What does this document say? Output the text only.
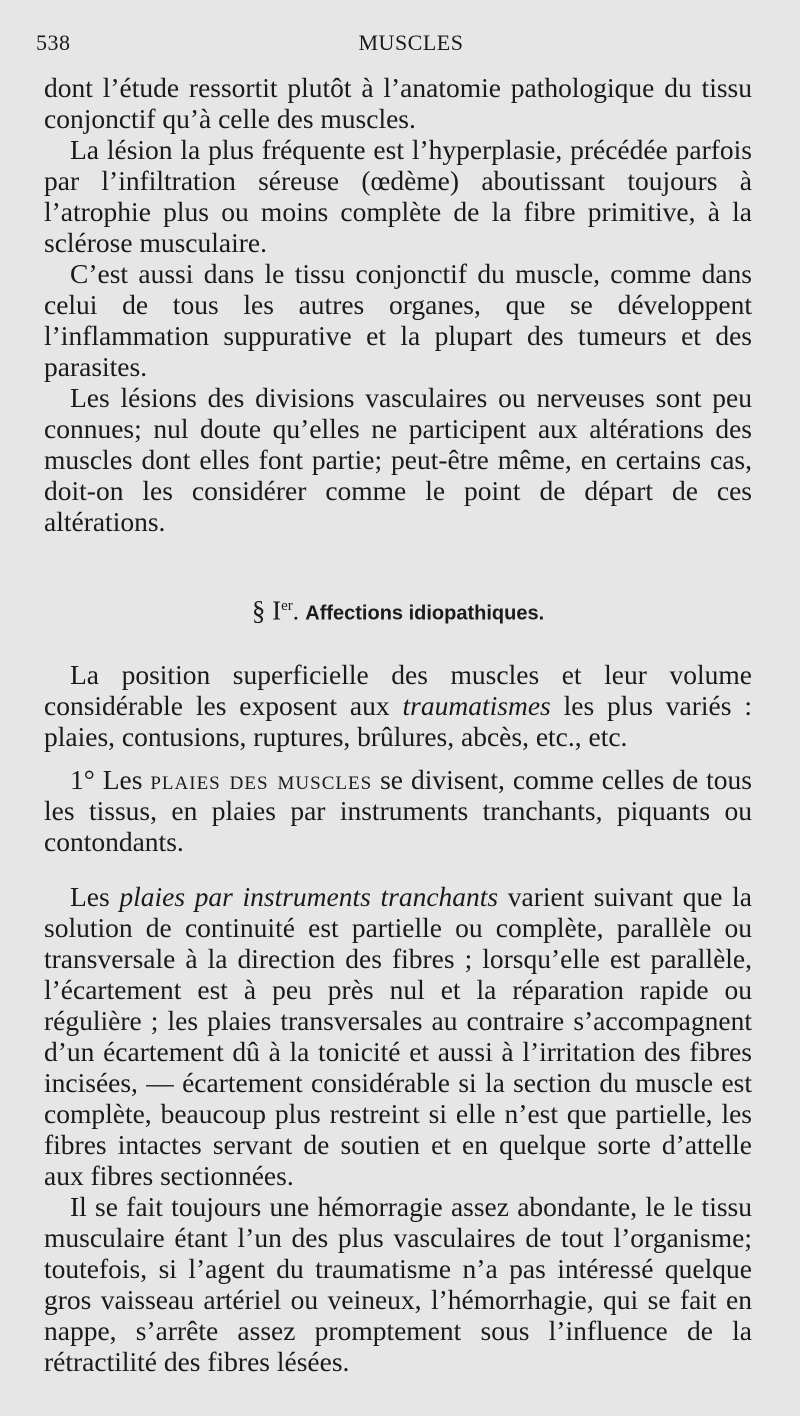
538	MUSCLES

dont l’étude ressortit plutôt à l’anatomie pathologique du tissu conjonctif qu’à celle des muscles.

La lésion la plus fréquente est l’hyperplasie, précédée parfois par l’infiltration séreuse (œdème) aboutissant toujours à l’atrophie plus ou moins complète de la fibre primitive, à la sclérose musculaire.

C’est aussi dans le tissu conjonctif du muscle, comme dans celui de tous les autres organes, que se développent l’inflammation suppurative et la plupart des tumeurs et des parasites.

Les lésions des divisions vasculaires ou nerveuses sont peu connues; nul doute qu’elles ne participent aux altérations des muscles dont elles font partie; peut-être même, en certains cas, doit-on les considérer comme le point de départ de ces altérations.

§ Ier. Affections idiopathiques.

La position superficielle des muscles et leur volume considérable les exposent aux traumatismes les plus variés : plaies, contusions, ruptures, brûlures, abcès, etc., etc.

1° Les plaies des muscles se divisent, comme celles de tous les tissus, en plaies par instruments tranchants, piquants ou contondants.

Les plaies par instruments tranchants varient suivant que la solution de continuité est partielle ou complète, parallèle ou transversale à la direction des fibres ; lorsqu’elle est parallèle, l’écartement est à peu près nul et la réparation rapide ou régulière ; les plaies transversales au contraire s’accompagnent d’un écartement dû à la tonicité et aussi à l’irritation des fibres incisées, — écartement considérable si la section du muscle est complète, beaucoup plus restreint si elle n’est que partielle, les fibres intactes servant de soutien et en quelque sorte d’attelle aux fibres sectionnées.

Il se fait toujours une hémorragie assez abondante, le le tissu musculaire étant l’un des plus vasculaires de tout l’organisme; toutefois, si l’agent du traumatisme n’a pas intéressé quelque gros vaisseau artériel ou veineux, l’hémorrhagie, qui se fait en nappe, s’arrête assez promptement sous l’influence de la rétractilité des fibres lésées.
